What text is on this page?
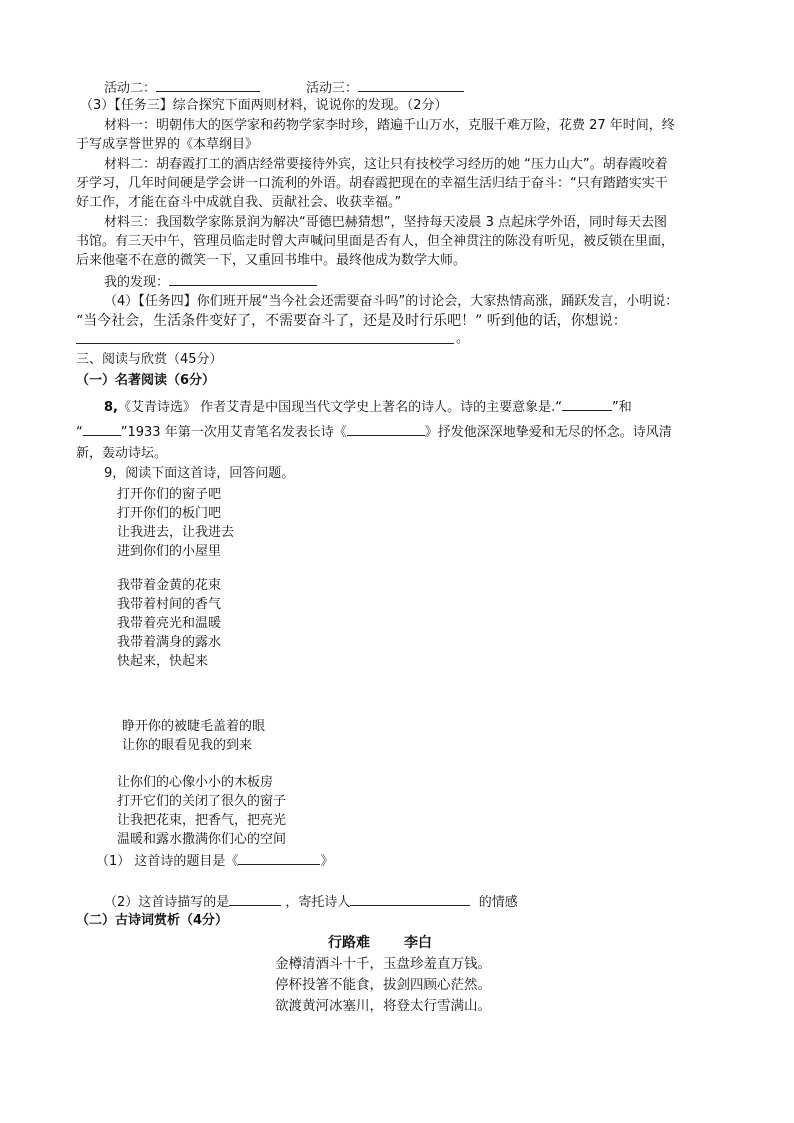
活动二：	活动三：
（3）【任务三】综合探究下面两则材料，说说你的发现。（2分）
材料一：明朝伟大的医学家和药物学家李时珍，踏遍千山万水，克服千难万险，花费 27 年时间，终
于写成享誉世界的《本草纲目》
材料二：胡春霞打工的酒店经常要接待外宾，这让只有技校学习经历的她 “压力山大”。胡春霞咬着
牙学习，几年时间硬是学会讲一口流利的外语。胡春霞把现在的幸福生活归结于奋斗：“只有踏踏实实干
好工作，才能在奋斗中成就自我、贡献社会、收获幸福。”
材料三：我国数学家陈景润为解决“哥德巴赫猜想”，坚持每天凌晨 3 点起床学外语，同时每天去图
书馆。有三天中午，管理员临走时曾大声喊问里面是否有人，但全神贯注的陈没有听见，被反锁在里面，
后来他毫不在意的微笑一下，又重回书堆中。最终他成为数学大师。
我的发现：
（4）【任务四】你们班开展“当今社会还需要奋斗吗”的讨论会，大家热情高涨，踊跃发言，小明说：
“当今社会，生活条件变好了，不需要奋斗了，还是及时行乐吧！” 听到他的话，你想说：
。
三、阅读与欣赏（45分）
（一）名著阅读（6分）
8,《艾青诗选》 作者艾青是中国现当代文学史上著名的诗人。诗的主要意象是.“	”和
“	”1933 年第一次用艾青笔名发表长诗《	》抒发他深深地挚爱和无尽的怀念。诗风清
新，轰动诗坛。
9，阅读下面这首诗，回答问题。
打开你们的窗子吧
打开你们的板门吧
让我进去，让我进去
进到你们的小屋里
我带着金黄的花束
我带着村间的香气
我带着亮光和温暖
我带着满身的露水
快起来，快起来
睁开你的被睫毛盖着的眼
让你的眼看见我的到来
让你们的心像小小的木板房
打开它们的关闭了很久的窗子
让我把花束，把香气，把亮光
温暖和露水撒满你们心的空间
（1） 这首诗的题目是《	》
（2）这首诗描写的是	，寄托诗人	的情感
（二）古诗词赏析（4分）
行路难 李白
金樽清酒斗十千，玉盘珍羞直万钱。
停杯投箸不能食，拔剑四顾心茫然。
欲渡黄河冰塞川，将登太行雪满山。
